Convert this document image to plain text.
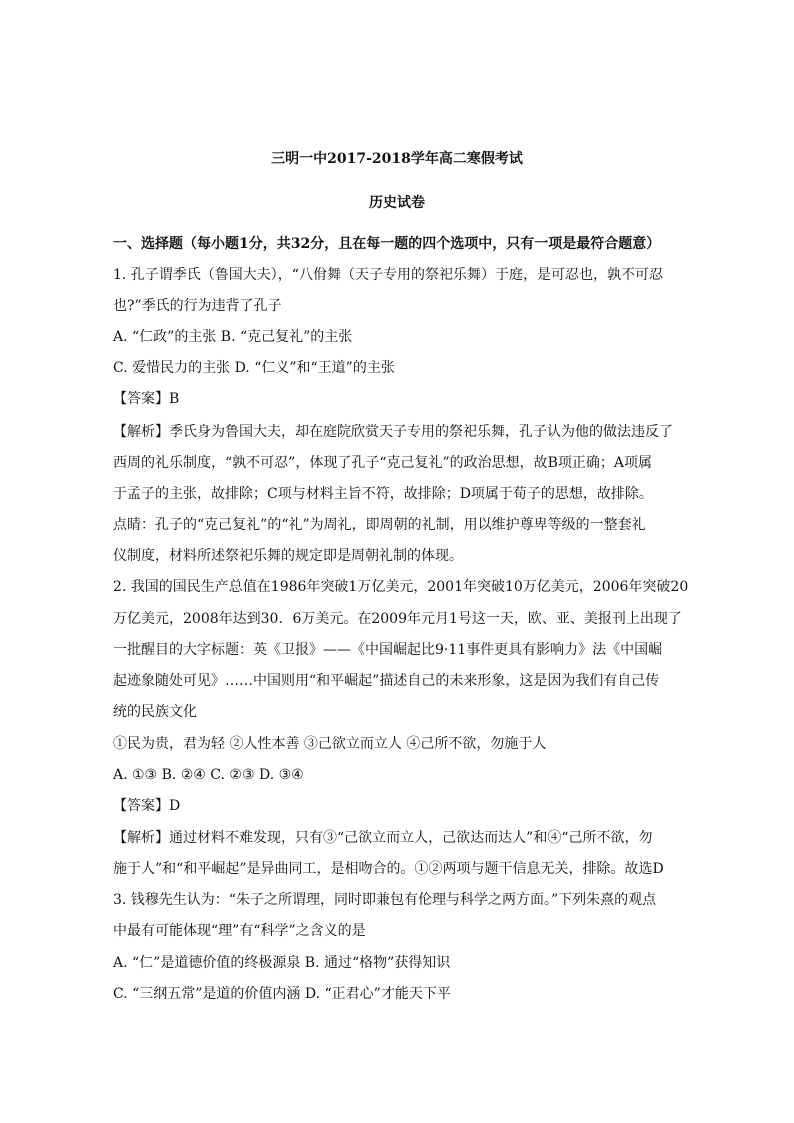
三明一中2017-2018学年高二寒假考试
历史试卷
一、选择题（每小题1分，共32分，且在每一题的四个选项中，只有一项是最符合题意）
1. 孔子谓季氏（鲁国大夫），“八佾舞（天子专用的祭祀乐舞）于庭，是可忍也，孰不可忍
也?”季氏的行为违背了孔子
A. “仁政”的主张 B. “克己复礼”的主张
C. 爱惜民力的主张 D. “仁义”和“王道”的主张
【答案】B
【解析】季氏身为鲁国大夫，却在庭院欣赏天子专用的祭祀乐舞，孔子认为他的做法违反了
西周的礼乐制度，“孰不可忍”，体现了孔子“克己复礼”的政治思想，故B项正确；A项属
于孟子的主张，故排除；C项与材料主旨不符，故排除；D项属于荀子的思想，故排除。
点睛：孔子的“克己复礼”的“礼”为周礼，即周朝的礼制，用以维护尊卑等级的一整套礼
仪制度，材料所述祭祀乐舞的规定即是周朝礼制的体现。
2. 我国的国民生产总值在1986年突破1万亿美元，2001年突破10万亿美元，2006年突破20
万亿美元，2008年达到30．6万美元。在2009年元月1号这一天，欧、亚、美报刊上出现了
一批醒目的大字标题：英《卫报》——《中国崛起比9·11事件更具有影响力》法《中国崛
起迹象随处可见》……中国则用“和平崛起”描述自己的未来形象，这是因为我们有自己传
统的民族文化
①民为贵，君为轻 ②人性本善 ③己欲立而立人 ④己所不欲，勿施于人
A. ①③ B. ②④ C. ②③ D. ③④
【答案】D
【解析】通过材料不难发现，只有③“己欲立而立人，己欲达而达人”和④“己所不欲，勿
施于人”和“和平崛起”是异曲同工，是相吻合的。①②两项与题干信息无关，排除。故选D
3. 钱穆先生认为：“朱子之所谓理，同时即兼包有伦理与科学之两方面。”下列朱熹的观点
中最有可能体现“理”有“科学”之含义的是
A. “仁”是道德价值的终极源泉 B. 通过“格物”获得知识
C. “三纲五常”是道的价值内涵 D. “正君心”才能天下平
